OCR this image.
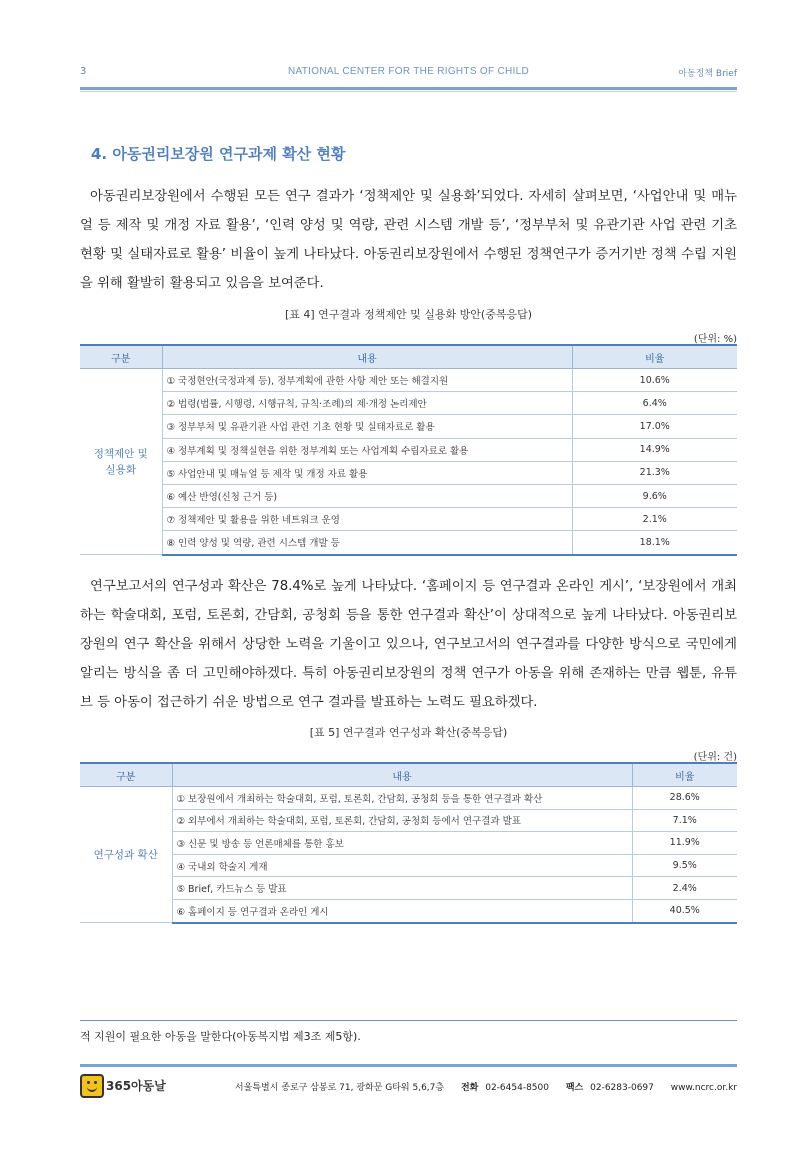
3	NATIONAL CENTER FOR THE RIGHTS OF CHILD	아동정책 Brief
4. 아동권리보장원 연구과제 확산 현황
아동권리보장원에서 수행된 모든 연구 결과가 ‘정책제안 및 실용화’되었다. 자세히 살펴보면, ‘사업안내 및 매뉴얼 등 제작 및 개정 자료 활용’, ‘인력 양성 및 역량, 관련 시스템 개발 등’, ‘정부부처 및 유관기관 사업 관련 기초 현황 및 실태자료로 활용’ 비율이 높게 나타났다. 아동권리보장원에서 수행된 정책연구가 증거기반 정책 수립 지원을 위해 활발히 활용되고 있음을 보여준다.
[표 4] 연구결과 정책제안 및 실용화 방안(중복응답)
(단위: %)
구분	내용	비율
정책제안 및
실용화	① 국정현안(국정과제 등), 정부계획에 관한 사항 제안 또는 해결지원	10.6%
	② 법령(법률, 시행령, 시행규칙, 규칙·조례)의 제·개정 논리제안	6.4%
	③ 정부부처 및 유관기관 사업 관련 기초 현황 및 실태자료로 활용	17.0%
	④ 정부계획 및 정책실현을 위한 정부계획 또는 사업계획 수립자료로 활용	14.9%
	⑤ 사업안내 및 매뉴얼 등 제작 및 개정 자료 활용	21.3%
	⑥ 예산 반영(신청 근거 등)	9.6%
	⑦ 정책제안 및 활용을 위한 네트워크 운영	2.1%
	⑧ 인력 양성 및 역량, 관련 시스템 개발 등	18.1%
연구보고서의 연구성과 확산은 78.4%로 높게 나타났다. ‘홈페이지 등 연구결과 온라인 게시’, ‘보장원에서 개최하는 학술대회, 포럼, 토론회, 간담회, 공청회 등을 통한 연구결과 확산’이 상대적으로 높게 나타났다. 아동권리보장원의 연구 확산을 위해서 상당한 노력을 기울이고 있으나, 연구보고서의 연구결과를 다양한 방식으로 국민에게 알리는 방식을 좀 더 고민해야하겠다. 특히 아동권리보장원의 정책 연구가 아동을 위해 존재하는 만큼 웹툰, 유튜브 등 아동이 접근하기 쉬운 방법으로 연구 결과를 발표하는 노력도 필요하겠다.
[표 5] 연구결과 연구성과 확산(중복응답)
(단위: 건)
구분	내용	비율
연구성과 확산	① 보장원에서 개최하는 학술대회, 포럼, 토론회, 간담회, 공청회 등을 통한 연구결과 확산	28.6%
	② 외부에서 개최하는 학술대회, 포럼, 토론회, 간담회, 공청회 등에서 연구결과 발표	7.1%
	③ 신문 및 방송 등 언론매체를 통한 홍보	11.9%
	④ 국내외 학술지 게재	9.5%
	⑤ Brief, 카드뉴스 등 발표	2.4%
	⑥ 홈페이지 등 연구결과 온라인 게시	40.5%
적 지원이 필요한 아동을 말한다(아동복지법 제3조 제5항).
365아동날	서울특별시 종로구 삼봉로 71, 광화문 G타워 5,6,7층 전화 02-6454-8500 팩스 02-6283-0697 www.ncrc.or.kr
